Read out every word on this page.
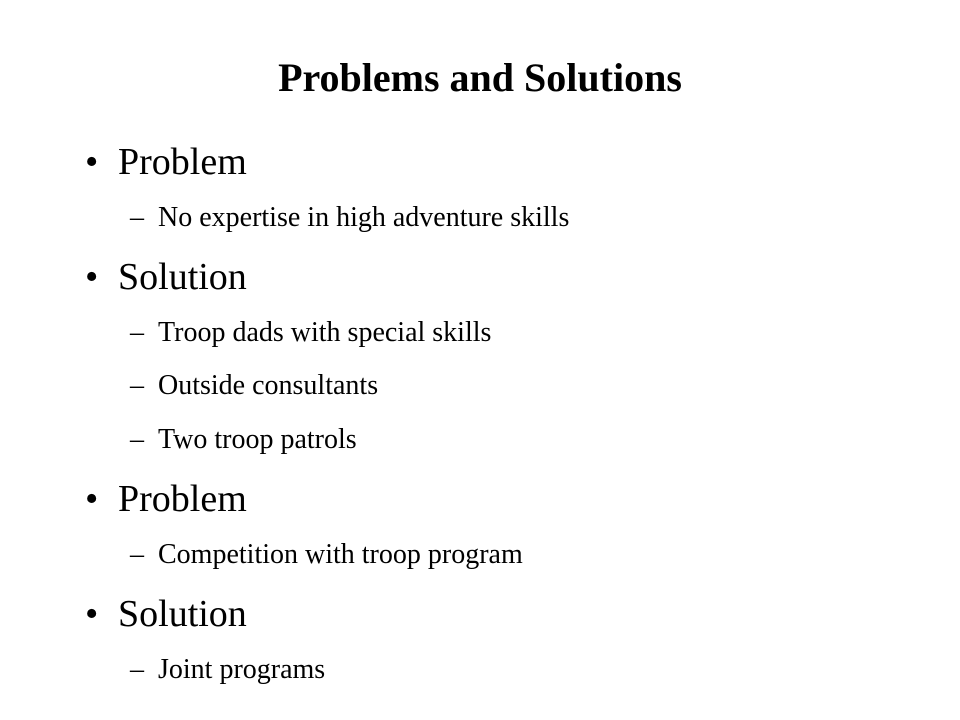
Problems and Solutions
• Problem
– No expertise in high adventure skills
• Solution
– Troop dads with special skills
– Outside consultants
– Two troop patrols
• Problem
– Competition with troop program
• Solution
– Joint programs
